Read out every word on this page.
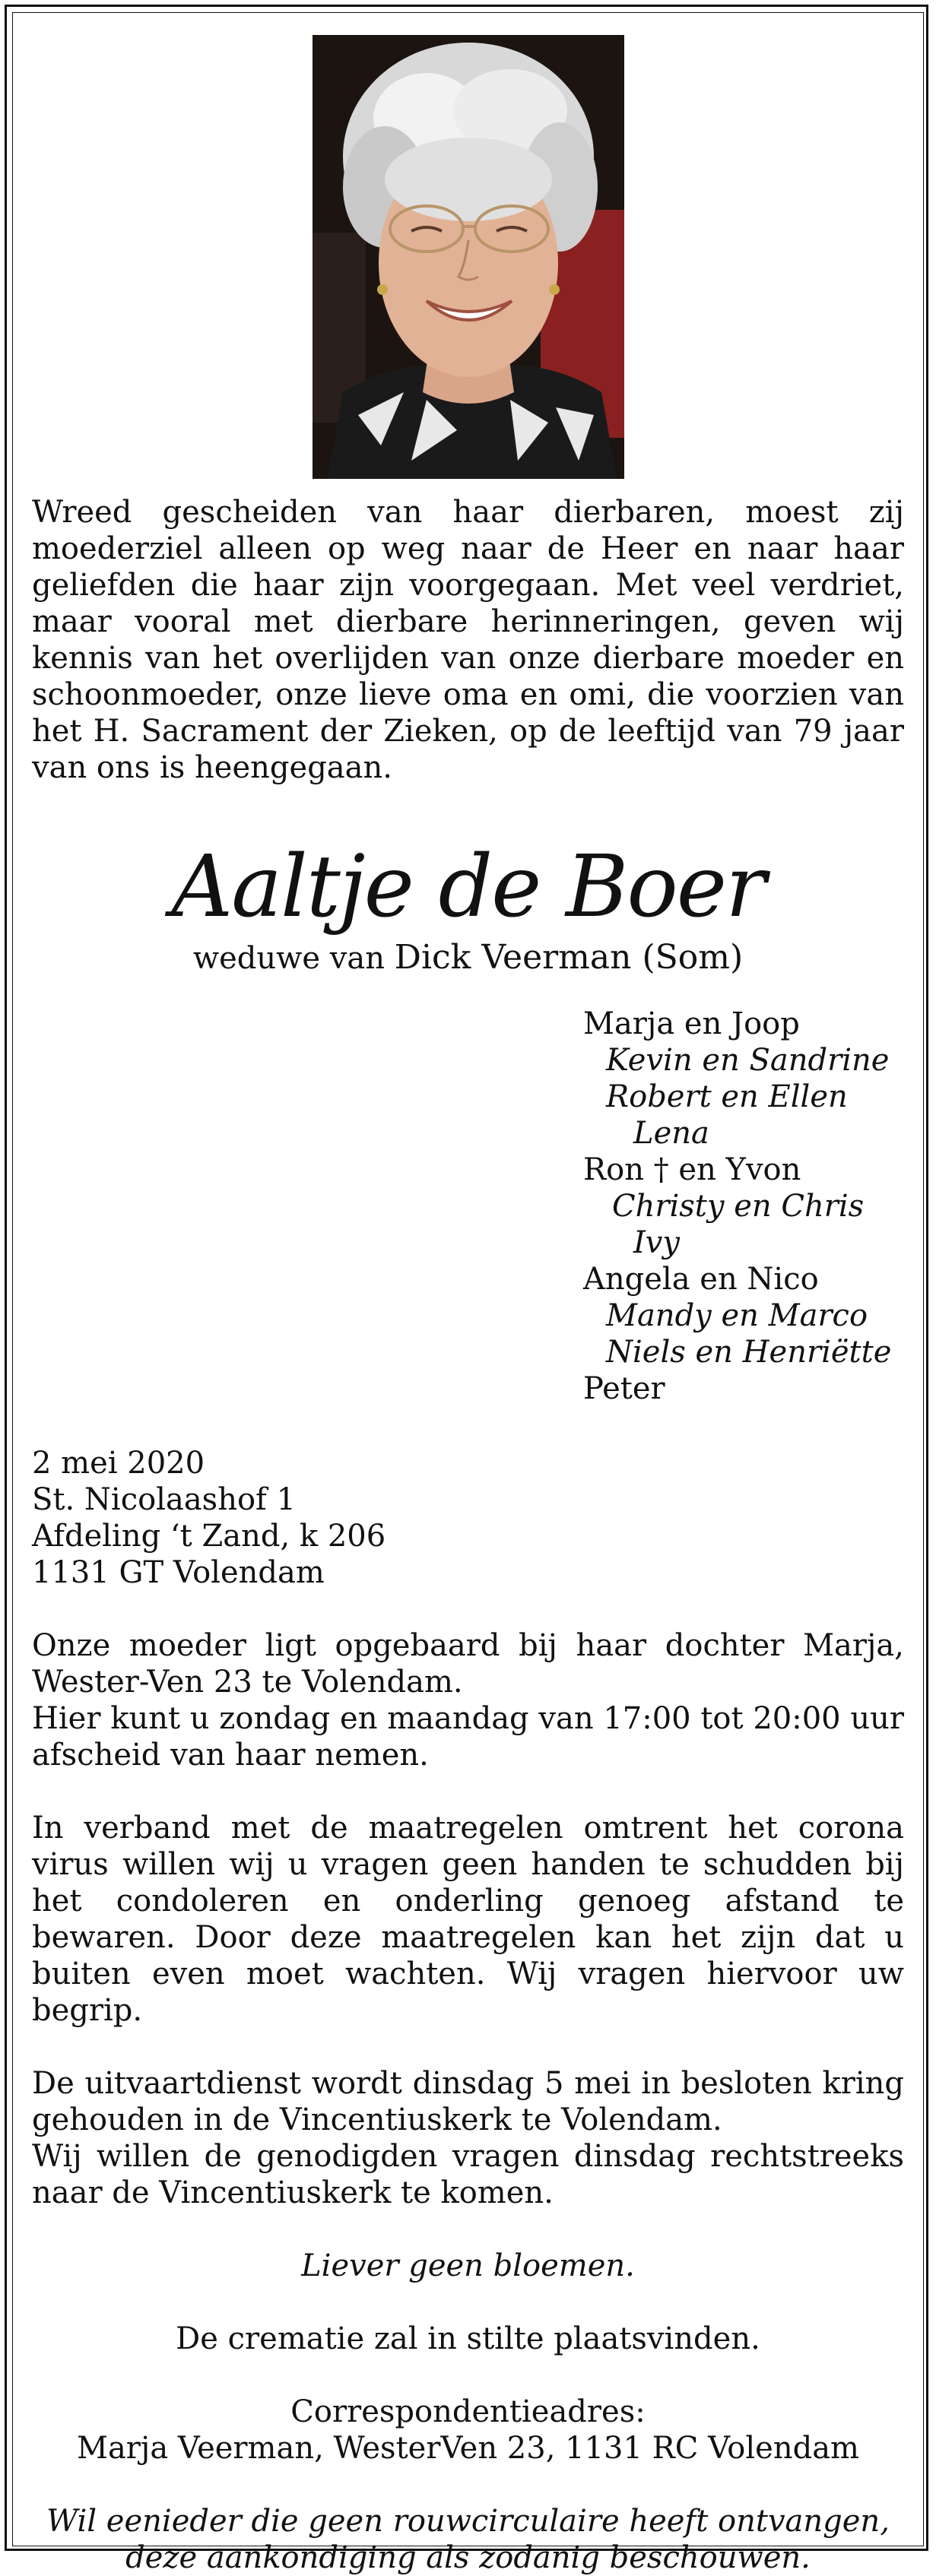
Wreed gescheiden van haar dierbaren, moest zij moederziel alleen op weg naar de Heer en naar haar geliefden die haar zijn voorgegaan. Met veel verdriet, maar vooral met dierbare herinneringen, geven wij kennis van het overlijden van onze dierbare moeder en schoonmoeder, onze lieve oma en omi, die voorzien van het H. Sacrament der Zieken, op de leeftijd van 79 jaar van ons is heengegaan.

Aaltje de Boer
weduwe van Dick Veerman (Som)
Marja en Joop
Kevin en Sandrine
Robert en Ellen
Lena
Ron † en Yvon
Christy en Chris
Ivy
Angela en Nico
Mandy en Marco
Niels en Henriëtte
Peter
2 mei 2020
St. Nicolaashof 1
Afdeling ‘t Zand, k 206
1131 GT Volendam

Onze moeder ligt opgebaard bij haar dochter Marja, Wester-Ven 23 te Volendam.

Hier kunt u zondag en maandag van 17:00 tot 20:00 uur afscheid van haar nemen.

In verband met de maatregelen omtrent het corona virus willen wij u vragen geen handen te schudden bij het condoleren en onderling genoeg afstand te bewaren. Door deze maatregelen kan het zijn dat u buiten even moet wachten. Wij vragen hiervoor uw begrip.

De uitvaartdienst wordt dinsdag 5 mei in besloten kring gehouden in de Vincentiuskerk te Volendam.

Wij willen de genodigden vragen dinsdag rechtstreeks naar de Vincentiuskerk te komen.

Liever geen bloemen.

De crematie zal in stilte plaatsvinden.

Correspondentieadres:

Marja Veerman, WesterVen 23, 1131 RC Volendam

Wil eenieder die geen rouwcirculaire heeft ontvangen,

deze aankondiging als zodanig beschouwen.
